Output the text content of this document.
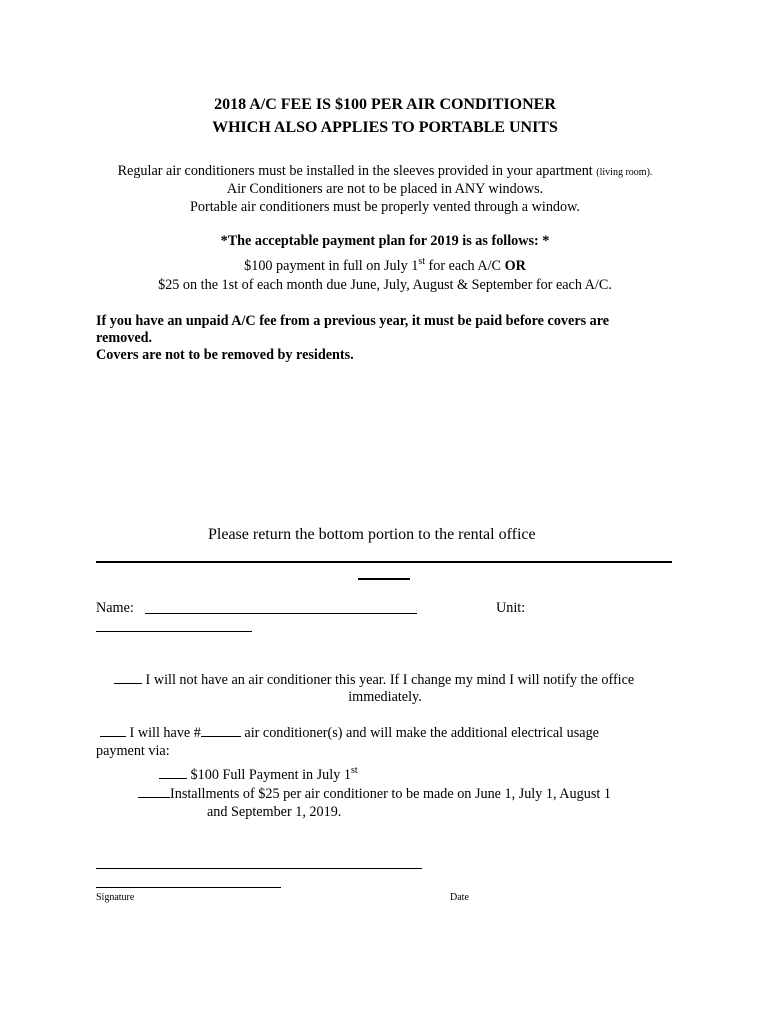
2018 A/C FEE IS $100 PER AIR CONDITIONER
WHICH ALSO APPLIES TO PORTABLE UNITS
Regular air conditioners must be installed in the sleeves provided in your apartment (living room).
Air Conditioners are not to be placed in ANY windows.
Portable air conditioners must be properly vented through a window.
*The acceptable payment plan for 2019 is as follows: *
$100 payment in full on July 1st for each A/C OR
$25 on the 1st of each month due June, July, August & September for each A/C.
If you have an unpaid A/C fee from a previous year, it must be paid before covers are
removed.
Covers are not to be removed by residents.
Please return the bottom portion to the rental office
Name:	Unit:
I will not have an air conditioner this year. If I change my mind I will notify the office
immediately.
I will have #	air conditioner(s) and will make the additional electrical usage
payment via:
$100 Full Payment in July 1st
Installments of $25 per air conditioner to be made on June 1, July 1, August 1
and September 1, 2019.
Signature	Date
